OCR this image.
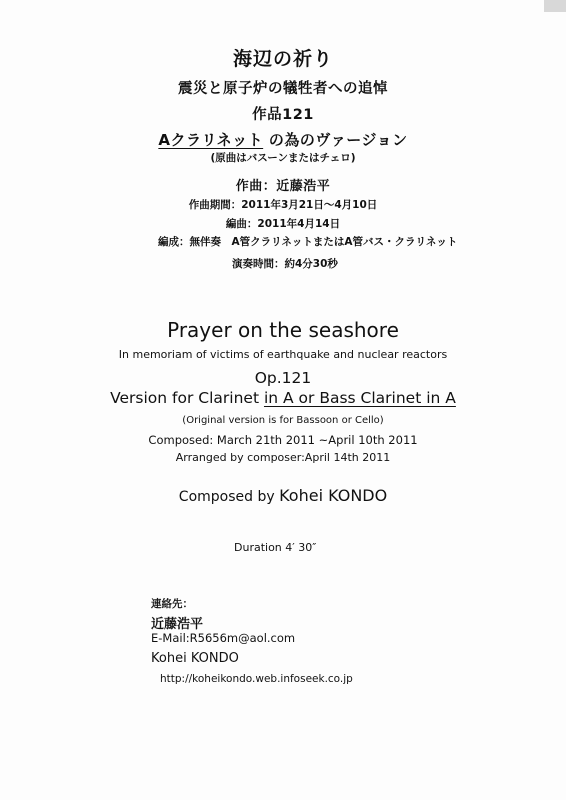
海辺の祈り
震災と原子炉の犠牲者への追悼
作品121
Aクラリネット の為のヴァージョン
(原曲はバスーンまたはチェロ)
作曲：近藤浩平
作曲期間：2011年3月21日～4月10日
編曲：2011年4月14日
編成：無伴奏　A管クラリネットまたはA管バス・クラリネット
演奏時間：約4分30秒
Prayer on the seashore
In memoriam of victims of earthquake and nuclear reactors
Op.121
Version for Clarinet in A or Bass Clarinet in A
(Original version is for Bassoon or Cello)
Composed: March 21th 2011 ~April 10th 2011
Arranged by composer:April 14th 2011
Composed by Kohei KONDO
Duration 4′ 30″
連絡先：
近藤浩平
E-Mail:R5656m@aol.com
Kohei KONDO
http://koheikondo.web.infoseek.co.jp
